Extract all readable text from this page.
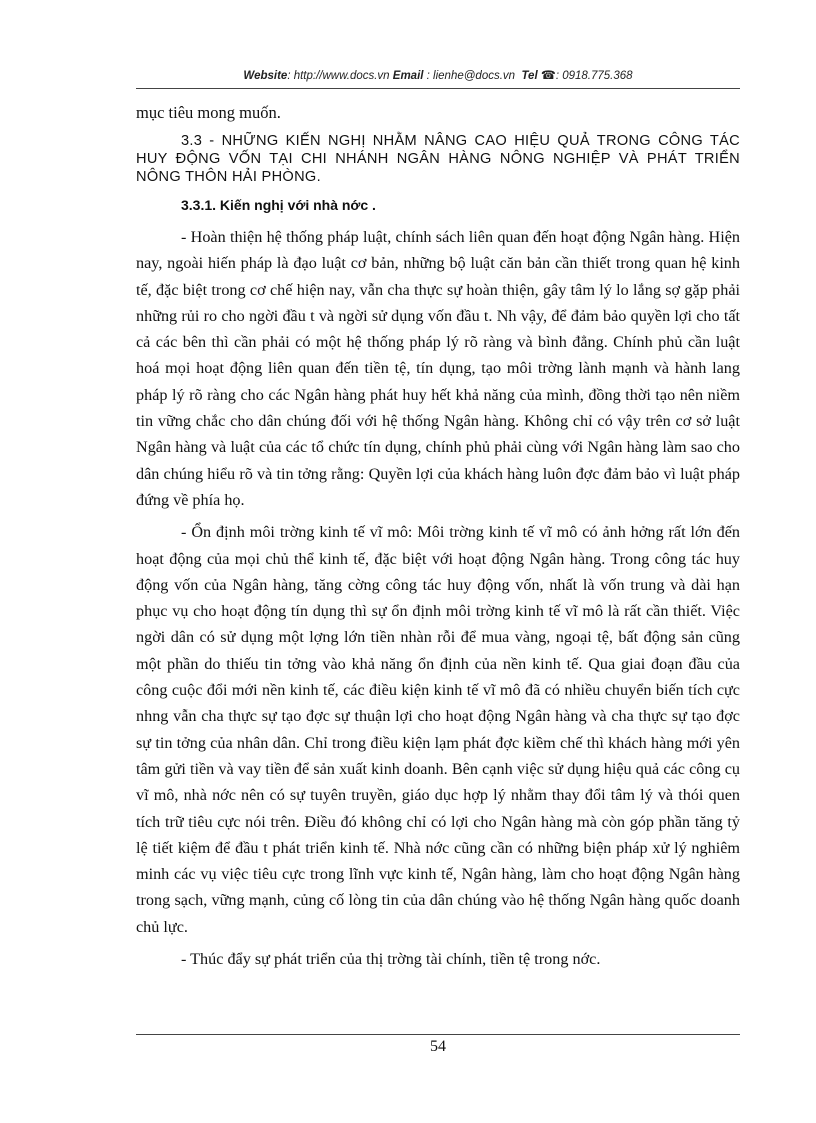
Website: http://www.docs.vn Email : lienhe@docs.vn Tel ☎: 0918.775.368

mục tiêu mong muốn.

3.3 - NHỮNG KIẾN NGHỊ NHẰM NÂNG CAO HIỆU QUẢ TRONG CÔNG TÁC HUY ĐỘNG VỐN TẠI CHI NHÁNH NGÂN HÀNG NÔNG NGHIỆP VÀ PHÁT TRIỂN NÔNG THÔN HẢI PHÒNG.

3.3.1. Kiến nghị với nhà nớc .

- Hoàn thiện hệ thống pháp luật, chính sách liên quan đến hoạt động Ngân hàng. Hiện nay, ngoài hiến pháp là đạo luật cơ bản, những bộ luật căn bản cần thiết trong quan hệ kinh tế, đặc biệt trong cơ chế hiện nay, vẫn cha thực sự hoàn thiện, gây tâm lý lo lắng sợ gặp phải những rủi ro cho ngời đầu t và ngời sử dụng vốn đầu t. Nh vậy, để đảm bảo quyền lợi cho tất cả các bên thì cần phải có một hệ thống pháp lý rõ ràng và bình đẳng. Chính phủ cần luật hoá mọi hoạt động liên quan đến tiền tệ, tín dụng, tạo môi trờng lành mạnh và hành lang pháp lý rõ ràng cho các Ngân hàng phát huy hết khả năng của mình, đồng thời tạo nên niềm tin vững chắc cho dân chúng đối với hệ thống Ngân hàng. Không chỉ có vậy trên cơ sở luật Ngân hàng và luật của các tổ chức tín dụng, chính phủ phải cùng với Ngân hàng làm sao cho dân chúng hiểu rõ và tin tởng rằng: Quyền lợi của khách hàng luôn đợc đảm bảo vì luật pháp đứng về phía họ.

- Ổn định môi trờng kinh tế vĩ mô: Môi trờng kinh tế vĩ mô có ảnh hởng rất lớn đến hoạt động của mọi chủ thể kinh tế, đặc biệt với hoạt động Ngân hàng. Trong công tác huy động vốn của Ngân hàng, tăng cờng công tác huy động vốn, nhất là vốn trung và dài hạn phục vụ cho hoạt động tín dụng thì sự ổn định môi trờng kinh tế vĩ mô là rất cần thiết. Việc ngời dân có sử dụng một lợng lớn tiền nhàn rỗi để mua vàng, ngoại tệ, bất động sản cũng một phần do thiếu tin tởng vào khả năng ổn định của nền kinh tế. Qua giai đoạn đầu của công cuộc đổi mới nền kinh tế, các điều kiện kinh tế vĩ mô đã có nhiều chuyển biến tích cực nhng vẫn cha thực sự tạo đợc sự thuận lợi cho hoạt động Ngân hàng và cha thực sự tạo đợc sự tin tởng của nhân dân. Chỉ trong điều kiện lạm phát đợc kiềm chế thì khách hàng mới yên tâm gửi tiền và vay tiền để sản xuất kinh doanh. Bên cạnh việc sử dụng hiệu quả các công cụ vĩ mô, nhà nớc nên có sự tuyên truyền, giáo dục hợp lý nhằm thay đổi tâm lý và thói quen tích trữ tiêu cực nói trên. Điều đó không chỉ có lợi cho Ngân hàng mà còn góp phần tăng tỷ lệ tiết kiệm để đầu t phát triển kinh tế. Nhà nớc cũng cần có những biện pháp xử lý nghiêm minh các vụ việc tiêu cực trong lĩnh vực kinh tế, Ngân hàng, làm cho hoạt động Ngân hàng trong sạch, vững mạnh, củng cố lòng tin của dân chúng vào hệ thống Ngân hàng quốc doanh chủ lực.

- Thúc đẩy sự phát triển của thị trờng tài chính, tiền tệ trong nớc.

54
